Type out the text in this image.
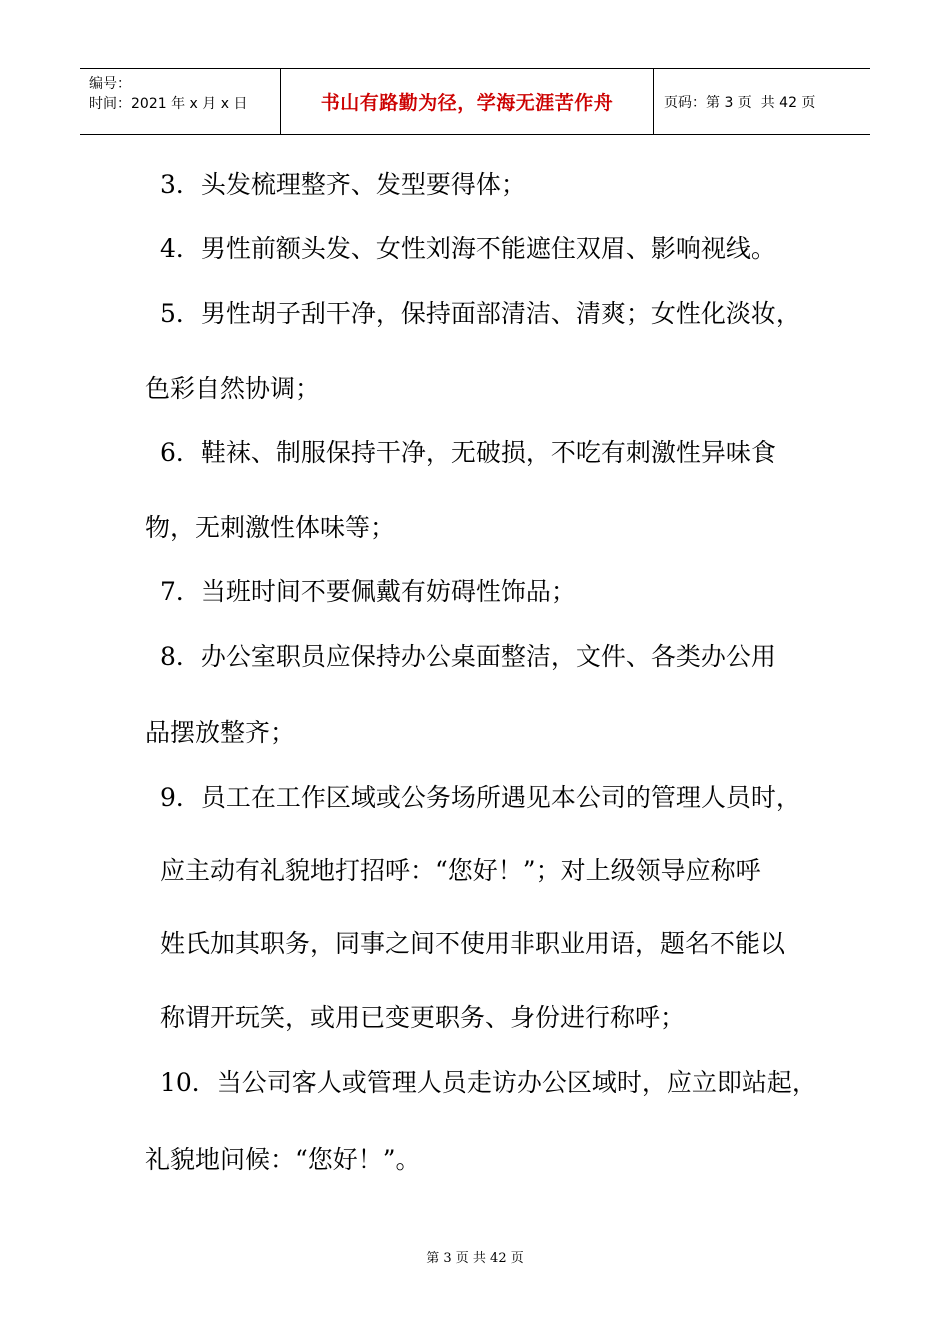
编号：
时间：2021 年 x 月 x 日	书山有路勤为径，学海无涯苦作舟	页码：第 3 页  共 42 页
3．头发梳理整齐、发型要得体；
4．男性前额头发、女性刘海不能遮住双眉、影响视线。
5．男性胡子刮干净，保持面部清洁、清爽；女性化淡妆，
色彩自然协调；
6．鞋袜、制服保持干净，无破损，不吃有刺激性异味食
物，无刺激性体味等；
7．当班时间不要佩戴有妨碍性饰品；
8．办公室职员应保持办公桌面整洁，文件、各类办公用
品摆放整齐；
9．员工在工作区域或公务场所遇见本公司的管理人员时，
应主动有礼貌地打招呼：“您好！”；对上级领导应称呼
姓氏加其职务，同事之间不使用非职业用语，题名不能以
称谓开玩笑，或用已变更职务、身份进行称呼；
10．当公司客人或管理人员走访办公区域时，应立即站起，
礼貌地问候：“您好！”。
第 3 页 共 42 页
